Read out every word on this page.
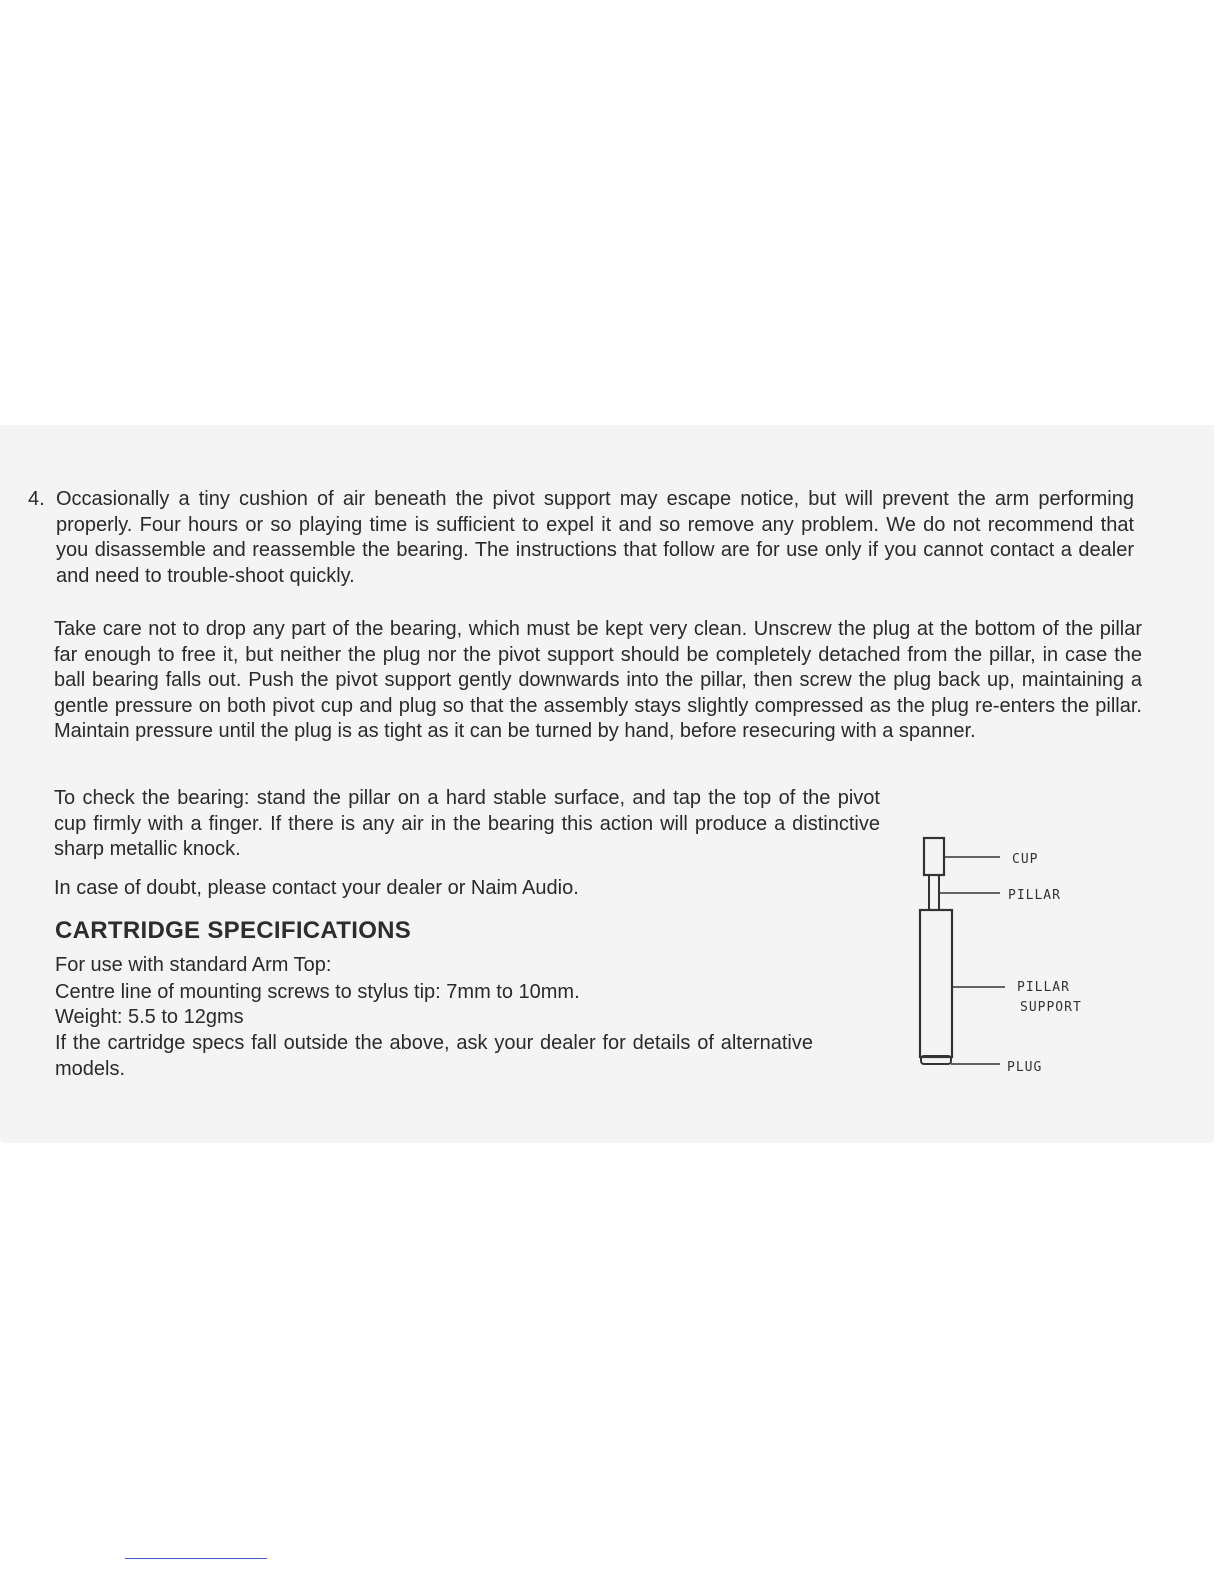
4. Occasionally a tiny cushion of air beneath the pivot support may escape notice, but will prevent the arm performing properly. Four hours or so playing time is sufficient to expel it and so remove any problem. We do not recommend that you disassemble and reassemble the bearing. The instructions that follow are for use only if you cannot contact a dealer and need to trouble-shoot quickly.

Take care not to drop any part of the bearing, which must be kept very clean. Unscrew the plug at the bottom of the pillar far enough to free it, but neither the plug nor the pivot support should be completely detached from the pillar, in case the ball bearing falls out. Push the pivot support gently downwards into the pillar, then screw the plug back up, maintaining a gentle pressure on both pivot cup and plug so that the assembly stays slightly compressed as the plug re-enters the pillar. Maintain pressure until the plug is as tight as it can be turned by hand, before resecuring with a spanner.

To check the bearing: stand the pillar on a hard stable surface, and tap the top of the pivot cup firmly with a finger. If there is any air in the bearing this action will produce a distinctive sharp metallic knock.

In case of doubt, please contact your dealer or Naim Audio.

CARTRIDGE SPECIFICATIONS

For use with standard Arm Top:

Centre line of mounting screws to stylus tip: 7mm to 10mm.

Weight: 5.5 to 12gms

If the cartridge specs fall outside the above, ask your dealer for details of alternative models.

CUP
PILLAR
PILLAR
SUPPORT
PLUG
